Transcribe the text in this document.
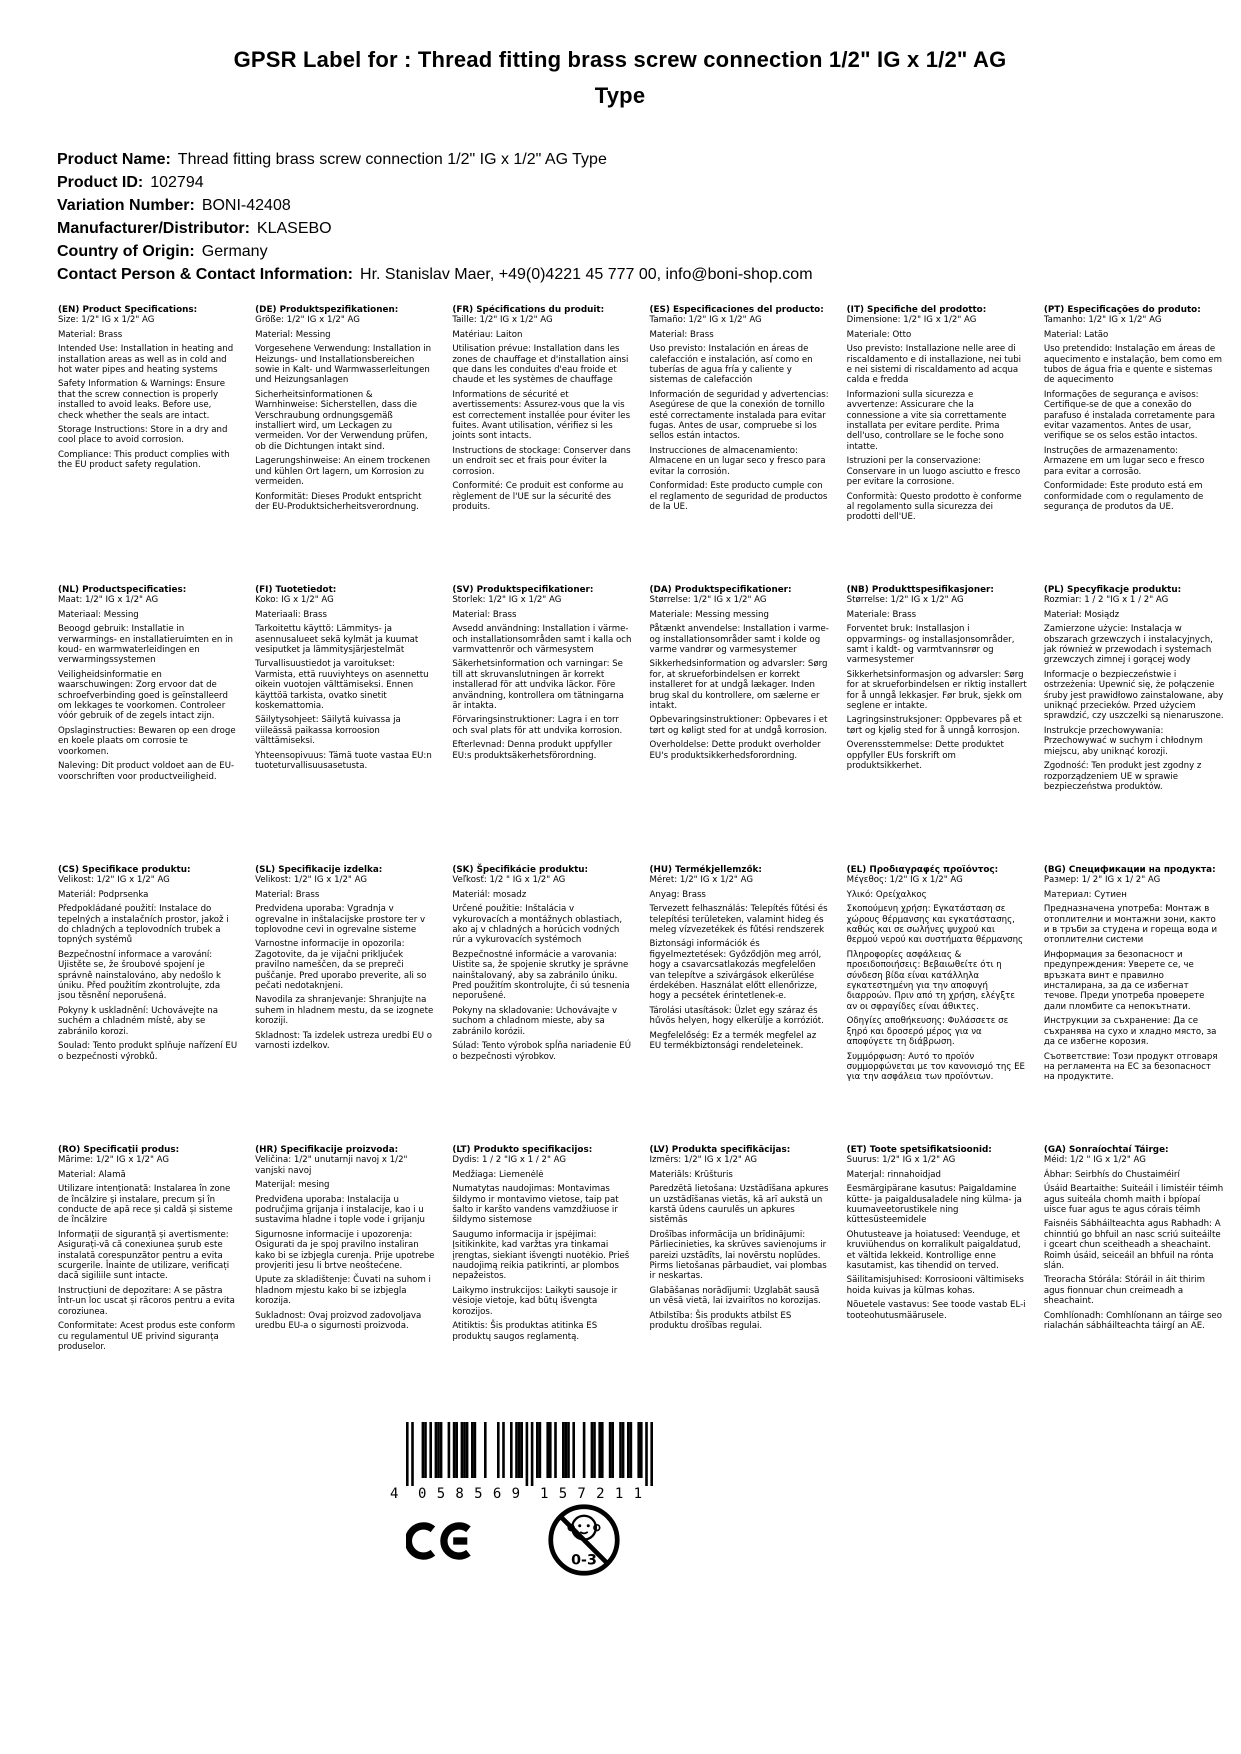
GPSR Label for : Thread fitting brass screw connection 1/2" IG x 1/2" AG Type
Product Name: Thread fitting brass screw connection 1/2" IG x 1/2" AG Type
Product ID: 102794
Variation Number: BONI-42408
Manufacturer/Distributor: KLASEBO
Country of Origin: Germany
Contact Person & Contact Information: Hr. Stanislav Maer, +49(0)4221 45 777 00, info@boni-shop.com
(EN) Product Specifications:

Size: 1/2" IG x 1/2" AG

Material: Brass

Intended Use: Installation in heating and installation areas as well as in cold and hot water pipes and heating systems

Safety Information & Warnings: Ensure that the screw connection is properly installed to avoid leaks. Before use, check whether the seals are intact.

Storage Instructions: Store in a dry and cool place to avoid corrosion.

Compliance: This product complies with the EU product safety regulation.

(DE) Produktspezifikationen:

Größe: 1/2" IG x 1/2" AG

Material: Messing

Vorgesehene Verwendung: Installation in Heizungs- und Installationsbereichen sowie in Kalt- und Warmwasserleitungen und Heizungsanlagen

Sicherheitsinformationen & Warnhinweise: Sicherstellen, dass die Verschraubung ordnungsgemäß installiert wird, um Leckagen zu vermeiden. Vor der Verwendung prüfen, ob die Dichtungen intakt sind.

Lagerungshinweise: An einem trockenen und kühlen Ort lagern, um Korrosion zu vermeiden.

Konformität: Dieses Produkt entspricht der EU-Produktsicherheitsverordnung.

(FR) Spécifications du produit:

Taille: 1/2" IG x 1/2" AG

Matériau: Laiton

Utilisation prévue: Installation dans les zones de chauffage et d'installation ainsi que dans les conduites d'eau froide et chaude et les systèmes de chauffage

Informations de sécurité et avertissements: Assurez-vous que la vis est correctement installée pour éviter les fuites. Avant utilisation, vérifiez si les joints sont intacts.

Instructions de stockage: Conserver dans un endroit sec et frais pour éviter la corrosion.

Conformité: Ce produit est conforme au règlement de l'UE sur la sécurité des produits.

(ES) Especificaciones del producto:

Tamaño: 1/2" IG x 1/2" AG

Material: Brass

Uso previsto: Instalación en áreas de calefacción e instalación, así como en tuberías de agua fría y caliente y sistemas de calefacción

Información de seguridad y advertencias: Asegúrese de que la conexión de tornillo esté correctamente instalada para evitar fugas. Antes de usar, compruebe si los sellos están intactos.

Instrucciones de almacenamiento: Almacene en un lugar seco y fresco para evitar la corrosión.

Conformidad: Este producto cumple con el reglamento de seguridad de productos de la UE.

(IT) Specifiche del prodotto:

Dimensione: 1/2" IG x 1/2" AG

Materiale: Otto

Uso previsto: Installazione nelle aree di riscaldamento e di installazione, nei tubi e nei sistemi di riscaldamento ad acqua calda e fredda

Informazioni sulla sicurezza e avvertenze: Assicurare che la connessione a vite sia correttamente installata per evitare perdite. Prima dell'uso, controllare se le foche sono intatte.

Istruzioni per la conservazione: Conservare in un luogo asciutto e fresco per evitare la corrosione.

Conformità: Questo prodotto è conforme al regolamento sulla sicurezza dei prodotti dell'UE.

(PT) Especificações do produto:

Tamanho: 1/2" IG x 1/2" AG

Material: Latão

Uso pretendido: Instalação em áreas de aquecimento e instalação, bem como em tubos de água fria e quente e sistemas de aquecimento

Informações de segurança e avisos: Certifique-se de que a conexão do parafuso é instalada corretamente para evitar vazamentos. Antes de usar, verifique se os selos estão intactos.

Instruções de armazenamento: Armazene em um lugar seco e fresco para evitar a corrosão.

Conformidade: Este produto está em conformidade com o regulamento de segurança de produtos da UE.

(NL) Productspecificaties:

Maat: 1/2" IG x 1/2" AG

Materiaal: Messing

Beoogd gebruik: Installatie in verwarmings- en installatieruimten en in koud- en warmwaterleidingen en verwarmingssystemen

Veiligheidsinformatie en waarschuwingen: Zorg ervoor dat de schroefverbinding goed is geïnstalleerd om lekkages te voorkomen. Controleer vóór gebruik of de zegels intact zijn.

Opslaginstructies: Bewaren op een droge en koele plaats om corrosie te voorkomen.

Naleving: Dit product voldoet aan de EU-voorschriften voor productveiligheid.

(FI) Tuotetiedot:

Koko: IG x 1/2" AG

Materiaali: Brass

Tarkoitettu käyttö: Lämmitys- ja asennusalueet sekä kylmät ja kuumat vesiputket ja lämmitysjärjestelmät

Turvallisuustiedot ja varoitukset: Varmista, että ruuviyhteys on asennettu oikein vuotojen välttämiseksi. Ennen käyttöä tarkista, ovatko sinetit koskemattomia.

Säilytysohjeet: Säilytä kuivassa ja viileässä paikassa korroosion välttämiseksi.

Yhteensopivuus: Tämä tuote vastaa EU:n tuoteturvallisuusasetusta.

(SV) Produktspecifikationer:

Storlek: 1/2" IG x 1/2" AG

Material: Brass

Avsedd användning: Installation i värme- och installationsområden samt i kalla och varmvattenrör och värmesystem

Säkerhetsinformation och varningar: Se till att skruvanslutningen är korrekt installerad för att undvika läckor. Före användning, kontrollera om tätningarna är intakta.

Förvaringsinstruktioner: Lagra i en torr och sval plats för att undvika korrosion.

Efterlevnad: Denna produkt uppfyller EU:s produktsäkerhetsförordning.

(DA) Produktspecifikationer:

Størrelse: 1/2" IG x 1/2" AG

Materiale: Messing messing

Påtænkt anvendelse: Installation i varme- og installationsområder samt i kolde og varme vandrør og varmesystemer

Sikkerhedsinformation og advarsler: Sørg for, at skrueforbindelsen er korrekt installeret for at undgå lækager. Inden brug skal du kontrollere, om sælerne er intakt.

Opbevaringsinstruktioner: Opbevares i et tørt og køligt sted for at undgå korrosion.

Overholdelse: Dette produkt overholder EU's produktsikkerhedsforordning.

(NB) Produkttspesifikasjoner:

Størrelse: 1/2" IG x 1/2" AG

Materiale: Brass

Forventet bruk: Installasjon i oppvarmings- og installasjonsområder, samt i kaldt- og varmtvannsrør og varmesystemer

Sikkerhetsinformasjon og advarsler: Sørg for at skrueforbindelsen er riktig installert for å unngå lekkasjer. Før bruk, sjekk om seglene er intakte.

Lagringsinstruksjoner: Oppbevares på et tørt og kjølig sted for å unngå korrosjon.

Overensstemmelse: Dette produktet oppfyller EUs forskrift om produktsikkerhet.

(PL) Specyfikacje produktu:

Rozmiar: 1 / 2 "IG x 1 / 2" AG

Materiał: Mosiądz

Zamierzone użycie: Instalacja w obszarach grzewczych i instalacyjnych, jak również w przewodach i systemach grzewczych zimnej i gorącej wody

Informacje o bezpieczeństwie i ostrzeżenia: Upewnić się, że połączenie śruby jest prawidłowo zainstalowane, aby uniknąć przecieków. Przed użyciem sprawdzić, czy uszczelki są nienaruszone.

Instrukcje przechowywania: Przechowywać w suchym i chłodnym miejscu, aby uniknąć korozji.

Zgodność: Ten produkt jest zgodny z rozporządzeniem UE w sprawie bezpieczeństwa produktów.

(CS) Specifikace produktu:

Velikost: 1/2" IG x 1/2" AG

Materiál: Podprsenka

Předpokládané použití: Instalace do tepelných a instalačních prostor, jakož i do chladných a teplovodních trubek a topných systémů

Bezpečnostní informace a varování: Ujistěte se, že šroubové spojení je správně nainstalováno, aby nedošlo k úniku. Před použitím zkontrolujte, zda jsou těsnění neporušená.

Pokyny k uskladnění: Uchovávejte na suchém a chladném místě, aby se zabránilo korozi.

Soulad: Tento produkt splňuje nařízení EU o bezpečnosti výrobků.

(SL) Specifikacije izdelka:

Velikost: 1/2" IG x 1/2" AG

Material: Brass

Predvidena uporaba: Vgradnja v ogrevalne in inštalacijske prostore ter v toplovodne cevi in ogrevalne sisteme

Varnostne informacije in opozorila: Zagotovite, da je vijačni priključek pravilno nameščen, da se prepreči puščanje. Pred uporabo preverite, ali so pečati nedotaknjeni.

Navodila za shranjevanje: Shranjujte na suhem in hladnem mestu, da se izognete koroziji.

Skladnost: Ta izdelek ustreza uredbi EU o varnosti izdelkov.

(SK) Špecifikácie produktu:

Veľkosť: 1/2 " IG x 1/2" AG

Materiál: mosadz

Určené použitie: Inštalácia v vykurovacích a montážnych oblastiach, ako aj v chladných a horúcich vodných rúr a vykurovacích systémoch

Bezpečnostné informácie a varovania: Uistite sa, že spojenie skrutky je správne nainštalovaný, aby sa zabránilo úniku. Pred použitím skontrolujte, či sú tesnenia neporušené.

Pokyny na skladovanie: Uchovávajte v suchom a chladnom mieste, aby sa zabránilo korózii.

Súlad: Tento výrobok spĺňa nariadenie EÚ o bezpečnosti výrobkov.

(HU) Termékjellemzők:

Méret: 1/2" IG x 1/2" AG

Anyag: Brass

Tervezett felhasználás: Telepítés fűtési és telepítési területeken, valamint hideg és meleg vízvezetékek és fűtési rendszerek

Biztonsági információk és figyelmeztetések: Győződjön meg arról, hogy a csavarcsatlakozás megfelelően van telepítve a szivárgások elkerülése érdekében. Használat előtt ellenőrizze, hogy a pecsétek érintetlenek-e.

Tárolási utasítások: Üzlet egy száraz és hűvös helyen, hogy elkerülje a korróziót.

Megfelelőség: Ez a termék megfelel az EU termékbiztonsági rendeleteinek.

(EL) Προδιαγραφές προϊόντος:

Μέγεθος: 1/2" IG x 1/2" AG

Υλικό: Ορείχαλκος

Σκοπούμενη χρήση: Εγκατάσταση σε χώρους θέρμανσης και εγκατάστασης, καθώς και σε σωλήνες ψυχρού και θερμού νερού και συστήματα θέρμανσης

Πληροφορίες ασφάλειας & προειδοποιήσεις: Βεβαιωθείτε ότι η σύνδεση βίδα είναι κατάλληλα εγκατεστημένη για την αποφυγή διαρροών. Πριν από τη χρήση, ελέγξτε αν οι σφραγίδες είναι άθικτες.

Οδηγίες αποθήκευσης: Φυλάσσετε σε ξηρό και δροσερό μέρος για να αποφύγετε τη διάβρωση.

Συμμόρφωση: Αυτό το προϊόν συμμορφώνεται με τον κανονισμό της ΕΕ για την ασφάλεια των προϊόντων.

(BG) Спецификации на продукта:

Размер: 1/ 2" IG x 1/ 2" AG

Материал: Сутиен

Предназначена употреба: Монтаж в отоплителни и монтажни зони, както и в тръби за студена и гореща вода и отоплителни системи

Информация за безопасност и предупреждения: Уверете се, че връзката винт е правилно инсталирана, за да се избегнат течове. Преди употреба проверете дали пломбите са непокътнати.

Инструкции за съхранение: Да се съхранява на сухо и хладно място, за да се избегне корозия.

Съответствие: Този продукт отговаря на регламента на ЕС за безопасност на продуктите.

(RO) Specificații produs:

Mărime: 1/2" IG x 1/2" AG

Material: Alamă

Utilizare intenționată: Instalarea în zone de încălzire și instalare, precum și în conducte de apă rece și caldă și sisteme de încălzire

Informații de siguranță și avertismente: Asigurați-vă că conexiunea șurub este instalată corespunzător pentru a evita scurgerile. Înainte de utilizare, verificați dacă sigiliile sunt intacte.

Instrucțiuni de depozitare: A se păstra într-un loc uscat și răcoros pentru a evita coroziunea.

Conformitate: Acest produs este conform cu regulamentul UE privind siguranța produselor.

(HR) Specifikacije proizvoda:

Veličina: 1/2" unutarnji navoj x 1/2" vanjski navoj

Materijal: mesing

Predviđena uporaba: Instalacija u područjima grijanja i instalacije, kao i u sustavima hladne i tople vode i grijanju

Sigurnosne informacije i upozorenja: Osigurati da je spoj pravilno instaliran kako bi se izbjegla curenja. Prije upotrebe provjeriti jesu li brtve neoštećene.

Upute za skladištenje: Čuvati na suhom i hladnom mjestu kako bi se izbjegla korozija.

Sukladnost: Ovaj proizvod zadovoljava uredbu EU-a o sigurnosti proizvoda.

(LT) Produkto specifikacijos:

Dydis: 1 / 2 "IG x 1 / 2" AG

Medžiaga: Liemenėlė

Numatytas naudojimas: Montavimas šildymo ir montavimo vietose, taip pat šalto ir karšto vandens vamzdžiuose ir šildymo sistemose

Saugumo informacija ir įspėjimai: Įsitikinkite, kad varžtas yra tinkamai įrengtas, siekiant išvengti nuotėkio. Prieš naudojimą reikia patikrinti, ar plombos nepažeistos.

Laikymo instrukcijos: Laikyti sausoje ir vėsioje vietoje, kad būtų išvengta korozijos.

Atitiktis: Šis produktas atitinka ES produktų saugos reglamentą.

(LV) Produkta specifikācijas:

Izmērs: 1/2" IG x 1/2" AG

Materiāls: Krūšturis

Paredzētā lietošana: Uzstādīšana apkures un uzstādīšanas vietās, kā arī aukstā un karstā ūdens caurulēs un apkures sistēmās

Drošības informācija un brīdinājumi: Pārliecinieties, ka skrūves savienojums ir pareizi uzstādīts, lai novērstu noplūdes. Pirms lietošanas pārbaudiet, vai plombas ir neskartas.

Glabāšanas norādījumi: Uzglabāt sausā un vēsā vietā, lai izvairītos no korozijas.

Atbilstība: Šis produkts atbilst ES produktu drošības regulai.

(ET) Toote spetsifikatsioonid:

Suurus: 1/2" IG x 1/2" AG

Materjal: rinnahoidjad

Eesmärgipärane kasutus: Paigaldamine kütte- ja paigaldusaladele ning külma- ja kuumaveetorustikele ning küttesüsteemidele

Ohutusteave ja hoiatused: Veenduge, et kruviühendus on korralikult paigaldatud, et vältida lekkeid. Kontrollige enne kasutamist, kas tihendid on terved.

Säilitamisjuhised: Korrosiooni vältimiseks hoida kuivas ja külmas kohas.

Nõuetele vastavus: See toode vastab EL-i tooteohutusmäärusele.

(GA) Sonraíochtaí Táirge:

Méid: 1/2 " IG x 1/2" AG

Ábhar: Seirbhís do Chustaiméirí

Úsáid Beartaithe: Suiteáil i limistéir téimh agus suiteála chomh maith i bpíopaí uisce fuar agus te agus córais téimh

Faisnéis Sábháilteachta agus Rabhadh: A chinntiú go bhfuil an nasc scriú suiteáilte i gceart chun sceitheadh a sheachaint. Roimh úsáid, seiceáil an bhfuil na rónta slán.

Treoracha Stórála: Stóráil in áit thirim agus fionnuar chun creimeadh a sheachaint.

Comhlíonadh: Comhlíonann an táirge seo rialachán sábháilteachta táirgí an AE.

4 058569 157211
0-3
